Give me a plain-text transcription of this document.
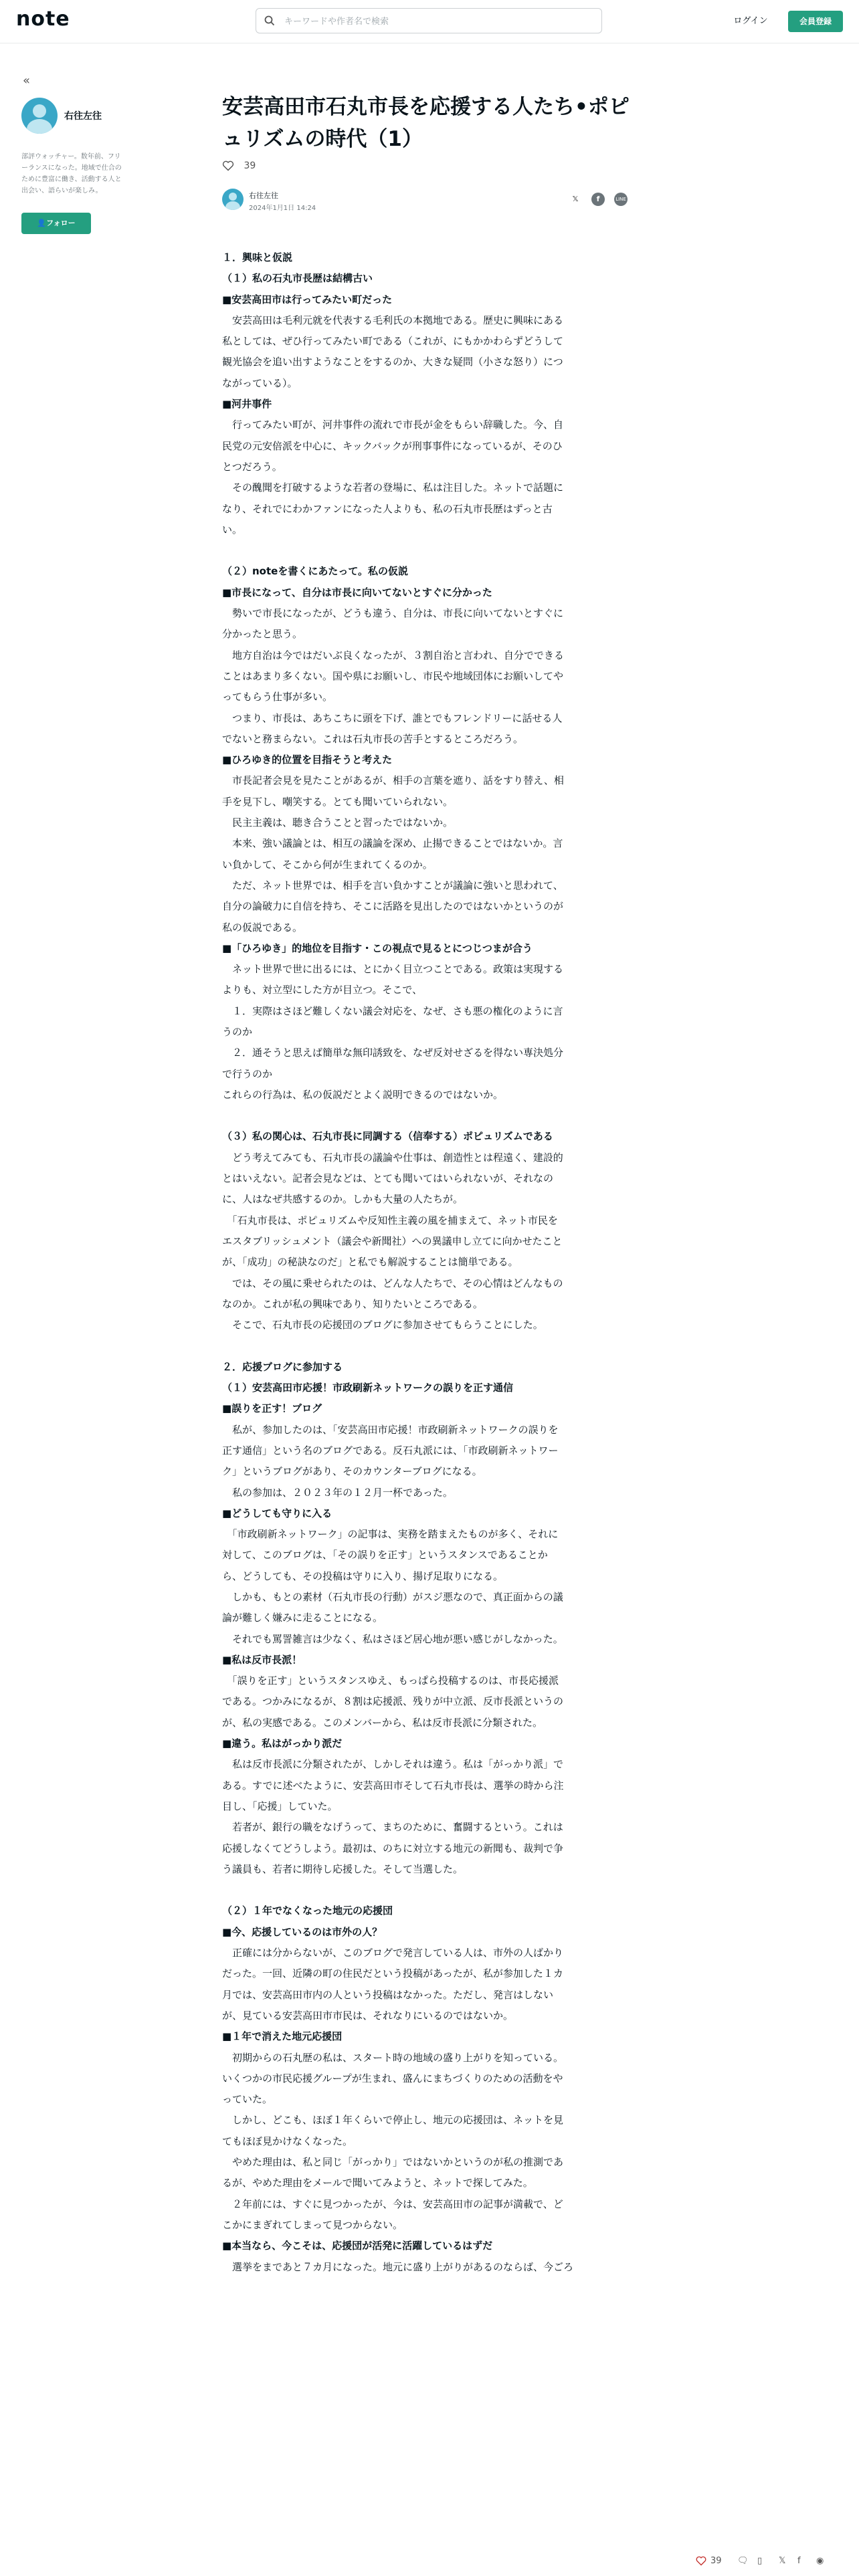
note
キーワードや作者名で検索	ログイン	会員登録
«
右往左往
部評ウォッチャー。数年前、フリーランスになった。地域で仕合のために豊富に働き、活動する人と出会い、語らいが楽しみ。
👤フォロー
安芸高田市石丸市長を応援する人たち•ポピュリズムの時代（1）
39
右往左往
2024年1月1日 14:24
𝕏	f	LINE

１．興味と仮説

（１）私の石丸市長歴は結構古い

■安芸高田市は行ってみたい町だった

　安芸高田は毛利元就を代表する毛利氏の本拠地である。歴史に興味にある

私としては、ぜひ行ってみたい町である（これが、にもかかわらずどうして

観光協会を追い出すようなことをするのか、大きな疑問（小さな怒り）につ

ながっている）。

■河井事件

　行ってみたい町が、河井事件の流れで市長が金をもらい辞職した。今、自

民党の元安倍派を中心に、キックバックが刑事事件になっているが、そのひ

とつだろう。

　その醜聞を打破するような若者の登場に、私は注目した。ネットで話題に

なり、それでにわかファンになった人よりも、私の石丸市長歴はずっと古

い。

（２）noteを書くにあたって。私の仮説

■市長になって、自分は市長に向いてないとすぐに分かった

　勢いで市長になったが、どうも違う、自分は、市長に向いてないとすぐに

分かったと思う。

　地方自治は今ではだいぶ良くなったが、３割自治と言われ、自分でできる

ことはあまり多くない。国や県にお願いし、市民や地域団体にお願いしてや

ってもらう仕事が多い。

　つまり、市長は、あちこちに頭を下げ、誰とでもフレンドリーに話せる人

でないと務まらない。これは石丸市長の苦手とするところだろう。

■ひろゆき的位置を目指そうと考えた

　市長記者会見を見たことがあるが、相手の言葉を遮り、話をすり替え、相

手を見下し、嘲笑する。とても聞いていられない。

　民主主義は、聴き合うことと習ったではないか。

　本来、強い議論とは、相互の議論を深め、止揚できることではないか。言

い負かして、そこから何が生まれてくるのか。

　ただ、ネット世界では、相手を言い負かすことが議論に強いと思われて、

自分の論破力に自信を持ち、そこに活路を見出したのではないかというのが

私の仮説である。

■「ひろゆき」的地位を目指す・この視点で見るとにつじつまが合う

　ネット世界で世に出るには、とにかく目立つことである。政策は実現する

よりも、対立型にした方が目立つ。そこで、

　１．実際はさほど難しくない議会対応を、なぜ、さも悪の権化のように言

うのか

　２．通そうと思えば簡単な無印誘致を、なぜ反対せざるを得ない専決処分

で行うのか

これらの行為は、私の仮説だとよく説明できるのではないか。

（３）私の関心は、石丸市長に同調する（信奉する）ポピュリズムである

　どう考えてみても、石丸市長の議論や仕事は、創造性とは程遠く、建設的

とはいえない。記者会見などは、とても聞いてはいられないが、それなの

に、人はなぜ共感するのか。しかも大量の人たちが。

　「石丸市長は、ポピュリズムや反知性主義の風を捕まえて、ネット市民を

エスタブリッシュメント（議会や新聞社）への異議申し立てに向かせたこと

が、「成功」の秘訣なのだ」と私でも解説することは簡単である。

　では、その風に乗せられたのは、どんな人たちで、その心情はどんなもの

なのか。これが私の興味であり、知りたいところである。

　そこで、石丸市長の応援団のブログに参加させてもらうことにした。

２．応援ブログに参加する

（１）安芸高田市応援！市政刷新ネットワークの誤りを正す通信

■誤りを正す！ブログ

　私が、参加したのは、「安芸高田市応援！市政刷新ネットワークの誤りを

正す通信」という名のブログである。反石丸派には、「市政刷新ネットワー

ク」というブログがあり、そのカウンターブログになる。

　私の参加は、２０２３年の１２月一杯であった。

■どうしても守りに入る

　「市政刷新ネットワーク」の記事は、実務を踏まえたものが多く、それに

対して、このブログは、「その誤りを正す」というスタンスであることか

ら、どうしても、その投稿は守りに入り、揚げ足取りになる。

　しかも、もとの素材（石丸市長の行動）がスジ悪なので、真正面からの議

論が難しく嫌みに走ることになる。

　それでも罵詈雑言は少なく、私はさほど居心地が悪い感じがしなかった。

■私は反市長派！

　「誤りを正す」というスタンスゆえ、もっぱら投稿するのは、市長応援派

である。つかみになるが、８割は応援派、残りが中立派、反市長派というの

が、私の実感である。このメンバーから、私は反市長派に分類された。

■違う。私はがっかり派だ

　私は反市長派に分類されたが、しかしそれは違う。私は「がっかり派」で

ある。すでに述べたように、安芸高田市そして石丸市長は、選挙の時から注

目し、「応援」していた。

　若者が、銀行の職をなげうって、まちのために、奮闘するという。これは

応援しなくてどうしよう。最初は、のちに対立する地元の新聞も、裁判で争

う議員も、若者に期待し応援した。そして当選した。

（２）１年でなくなった地元の応援団

■今、応援しているのは市外の人？

　正確には分からないが、このブログで発言している人は、市外の人ばかり

だった。一回、近隣の町の住民だという投稿があったが、私が参加した１カ

月では、安芸高田市内の人という投稿はなかった。ただし、発言はしない

が、見ている安芸高田市市民は、それなりにいるのではないか。

■１年で消えた地元応援団

　初期からの石丸歴の私は、スタート時の地域の盛り上がりを知っている。

いくつかの市民応援グループが生まれ、盛んにまちづくりのための活動をや

っていた。

　しかし、どこも、ほぼ１年くらいで停止し、地元の応援団は、ネットを見

てもほぼ見かけなくなった。

　やめた理由は、私と同じ「がっかり」ではないかというのが私の推測であ

るが、やめた理由をメールで聞いてみようと、ネットで探してみた。

　２年前には、すぐに見つかったが、今は、安芸高田市の記事が満載で、ど

こかにまぎれてしまって見つからない。

■本当なら、今こそは、応援団が活発に活躍しているはずだ

　選挙をまであと７カ月になった。地元に盛り上がりがあるのならば、今ごろ

39 🗨 ▯ 𝕏 f ◉
